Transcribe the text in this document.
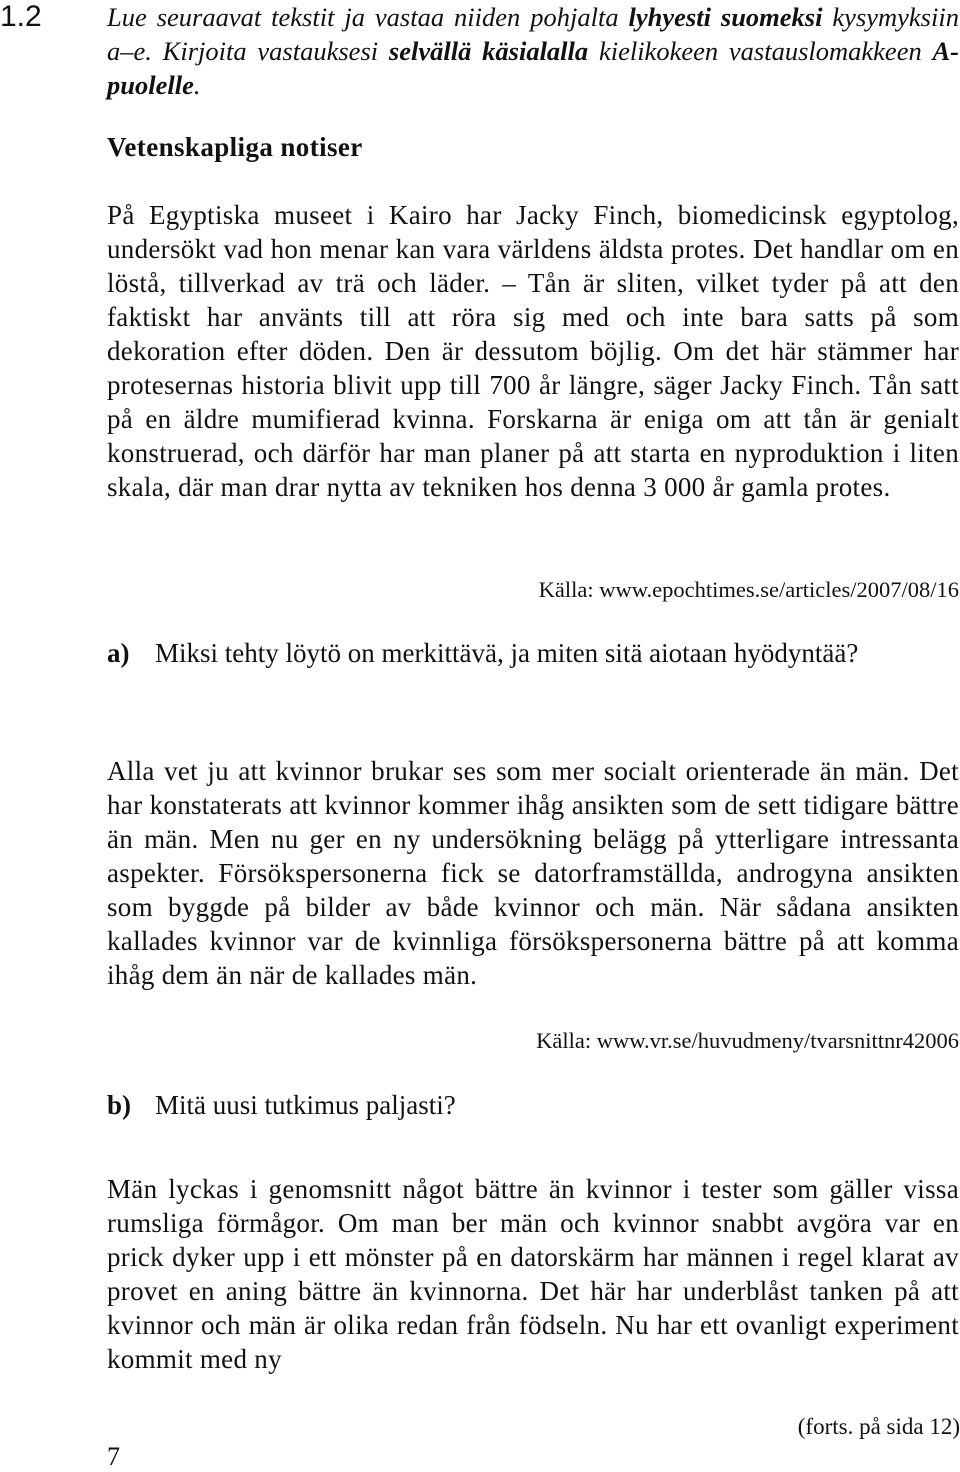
1.2 Lue seuraavat tekstit ja vastaa niiden pohjalta lyhyesti suomeksi kysymyksiin a–e. Kirjoita vastauksesi selvällä käsialalla kielikokeen vastauslomakkeen A-puolelle.
Vetenskapliga notiser
På Egyptiska museet i Kairo har Jacky Finch, biomedicinsk egyptolog, undersökt vad hon menar kan vara världens äldsta protes. Det handlar om en löstå, tillverkad av trä och läder. – Tån är sliten, vilket tyder på att den faktiskt har använts till att röra sig med och inte bara satts på som dekoration efter döden. Den är dessutom böjlig. Om det här stämmer har protesernas historia blivit upp till 700 år längre, säger Jacky Finch. Tån satt på en äldre mumifierad kvinna. Forskarna är eniga om att tån är genialt konstruerad, och därför har man planer på att starta en nyproduktion i liten skala, där man drar nytta av tekniken hos denna 3 000 år gamla protes.
Källa: www.epochtimes.se/articles/2007/08/16
a) Miksi tehty löytö on merkittävä, ja miten sitä aiotaan hyödyntää?
Alla vet ju att kvinnor brukar ses som mer socialt orienterade än män. Det har konstaterats att kvinnor kommer ihåg ansikten som de sett tidigare bättre än män. Men nu ger en ny undersökning belägg på ytterligare intressanta aspekter. Försökspersonerna fick se datorframställda, androgyna ansikten som byggde på bilder av både kvinnor och män. När sådana ansikten kallades kvinnor var de kvinnliga försökspersonerna bättre på att komma ihåg dem än när de kallades män.
Källa: www.vr.se/huvudmeny/tvarsnittnr42006
b) Mitä uusi tutkimus paljasti?
Män lyckas i genomsnitt något bättre än kvinnor i tester som gäller vissa rumsliga förmågor. Om man ber män och kvinnor snabbt avgöra var en prick dyker upp i ett mönster på en datorskärm har männen i regel klarat av provet en aning bättre än kvinnorna. Det här har underblåst tanken på att kvinnor och män är olika redan från födseln. Nu har ett ovanligt experiment kommit med ny
(forts. på sida 12)
7
